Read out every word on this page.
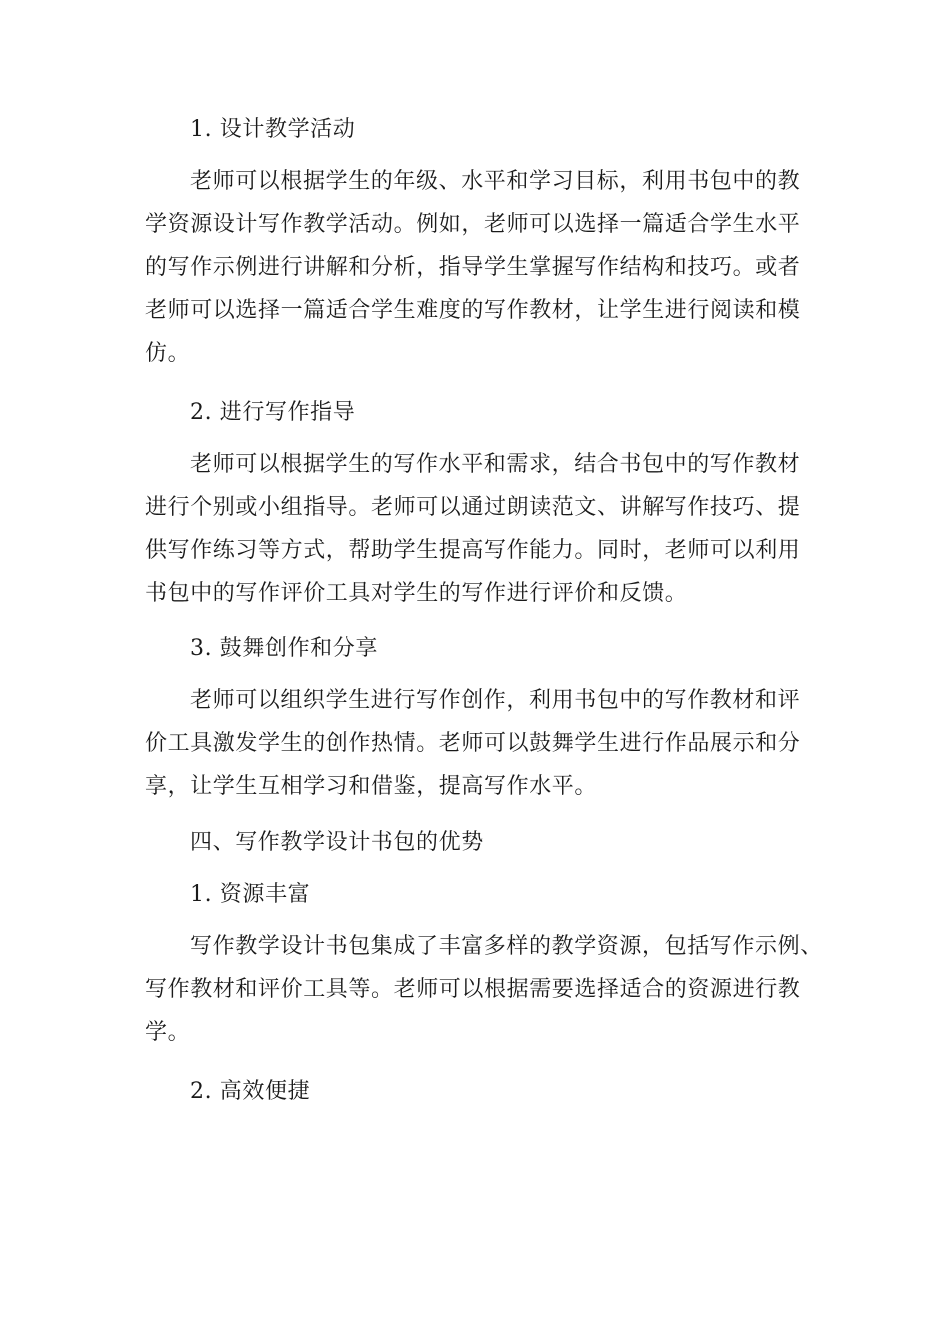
1. 设计教学活动
老师可以根据学生的年级、水平和学习目标，利用书包中的教
学资源设计写作教学活动。例如，老师可以选择一篇适合学生水平
的写作示例进行讲解和分析，指导学生掌握写作结构和技巧。或者
老师可以选择一篇适合学生难度的写作教材，让学生进行阅读和模
仿。
2. 进行写作指导
老师可以根据学生的写作水平和需求，结合书包中的写作教材
进行个别或小组指导。老师可以通过朗读范文、讲解写作技巧、提
供写作练习等方式，帮助学生提高写作能力。同时，老师可以利用
书包中的写作评价工具对学生的写作进行评价和反馈。
3. 鼓舞创作和分享
老师可以组织学生进行写作创作，利用书包中的写作教材和评
价工具激发学生的创作热情。老师可以鼓舞学生进行作品展示和分
享，让学生互相学习和借鉴，提高写作水平。
四、写作教学设计书包的优势
1. 资源丰富
写作教学设计书包集成了丰富多样的教学资源，包括写作示例、
写作教材和评价工具等。老师可以根据需要选择适合的资源进行教
学。
2. 高效便捷
